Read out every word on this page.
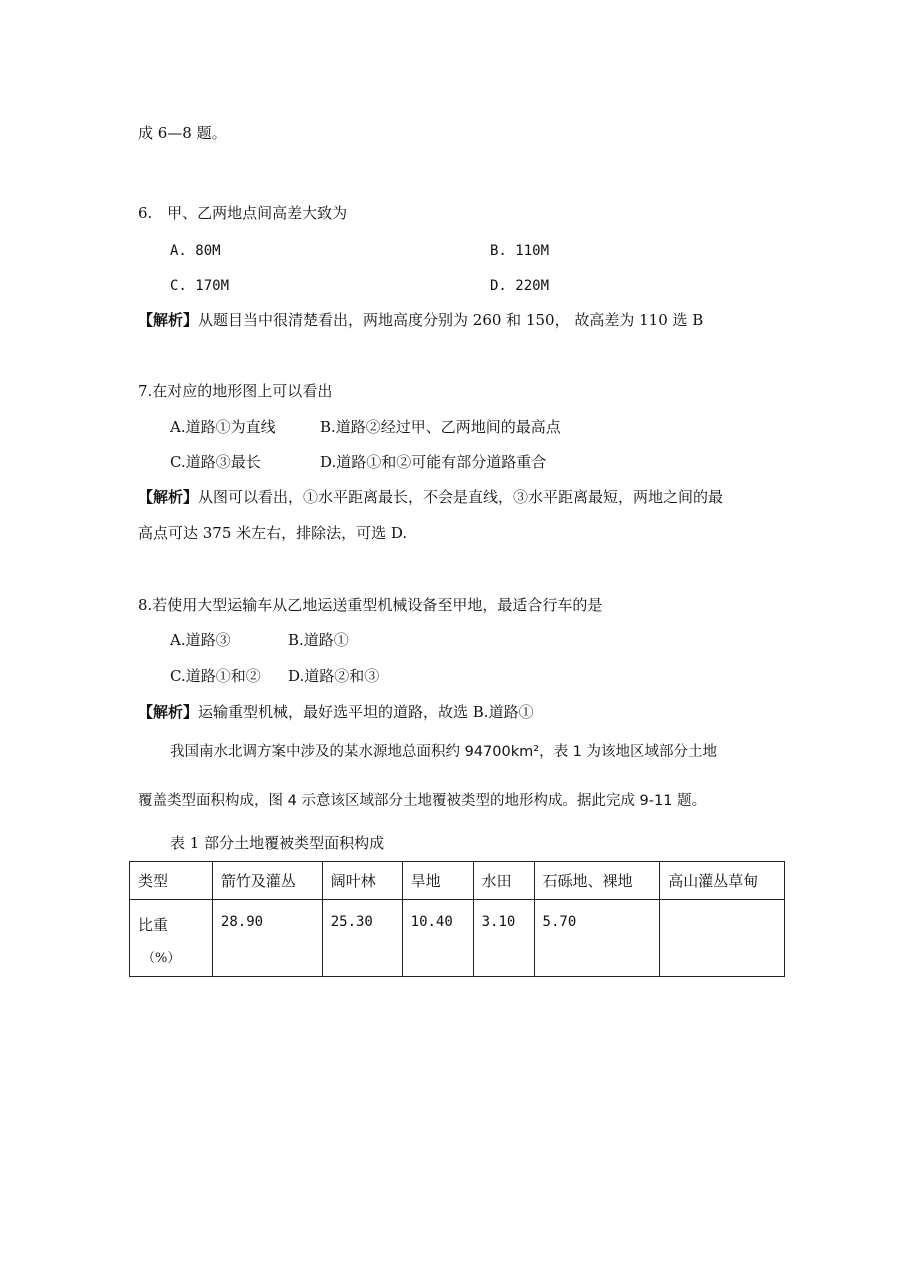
成 6—8 题。
6. 甲、乙两地点间高差大致为
A. 80M	B. 110M
C. 170M	D. 220M
【解析】从题目当中很清楚看出，两地高度分别为 260 和 150， 故高差为 110 选 B
7.在对应的地形图上可以看出
A.道路①为直线	B.道路②经过甲、乙两地间的最高点
C.道路③最长	D.道路①和②可能有部分道路重合
【解析】从图可以看出，①水平距离最长，不会是直线，③水平距离最短，两地之间的最
高点可达 375 米左右，排除法，可选 D.
8.若使用大型运输车从乙地运送重型机械设备至甲地，最适合行车的是
A.道路③	B.道路①
C.道路①和② D.道路②和③
【解析】运输重型机械，最好选平坦的道路，故选 B.道路①
我国南水北调方案中涉及的某水源地总面积约 94700km²，表 1 为该地区域部分土地
覆盖类型面积构成，图 4 示意该区域部分土地覆被类型的地形构成。据此完成 9-11 题。
表 1 部分土地覆被类型面积构成
类型	箭竹及灌丛	阔叶林	旱地	水田	石砾地、裸地	高山灌丛草甸
比重
（%）	28.90	25.30	10.40	3.10	5.70	
